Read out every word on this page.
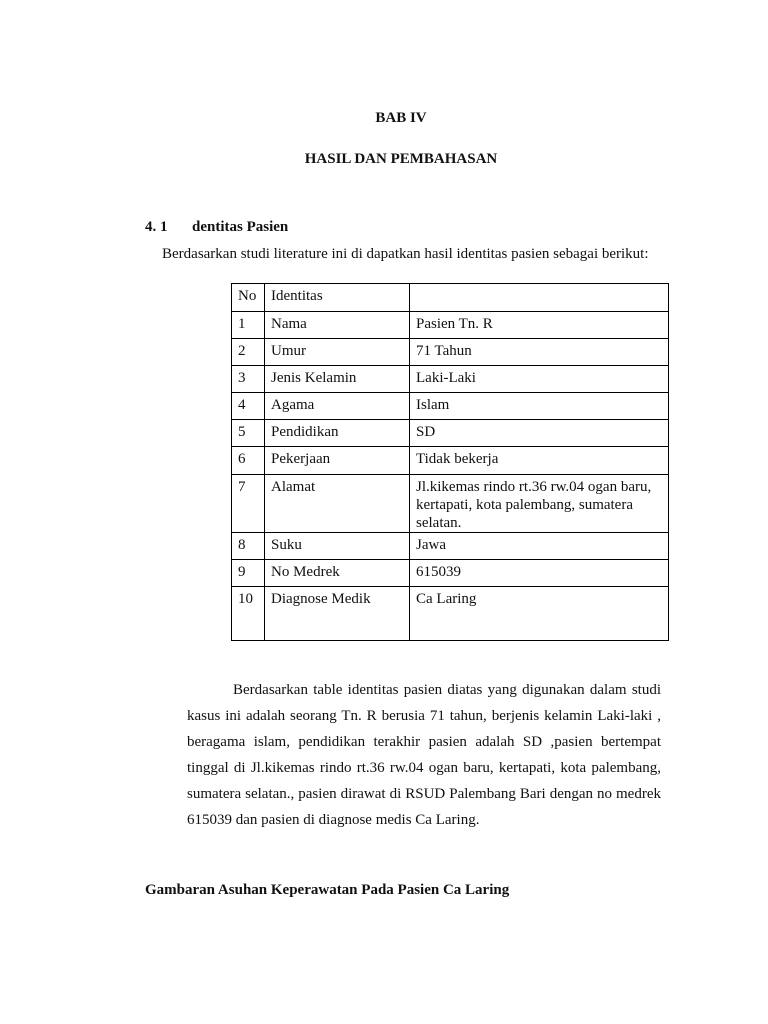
BAB IV
HASIL DAN PEMBAHASAN
4. 1 dentitas Pasien
Berdasarkan studi literature ini di dapatkan hasil identitas pasien sebagai berikut:
No	Identitas	
1	Nama	Pasien Tn. R
2	Umur	71 Tahun
3	Jenis Kelamin	Laki-Laki
4	Agama	Islam
5	Pendidikan	SD
6	Pekerjaan	Tidak bekerja
7	Alamat	Jl.kikemas rindo rt.36 rw.04 ogan baru, kertapati, kota palembang, sumatera selatan.
8	Suku	Jawa
9	No Medrek	615039
10	Diagnose Medik	Ca Laring

Berdasarkan table identitas pasien diatas yang digunakan dalam studi kasus ini adalah seorang Tn. R berusia 71 tahun, berjenis kelamin Laki-laki , beragama islam, pendidikan terakhir pasien adalah SD ,pasien bertempat tinggal di Jl.kikemas rindo rt.36 rw.04 ogan baru, kertapati, kota palembang, sumatera selatan., pasien dirawat di RSUD Palembang Bari dengan no medrek 615039 dan pasien di diagnose medis Ca Laring.

Gambaran Asuhan Keperawatan Pada Pasien Ca Laring
